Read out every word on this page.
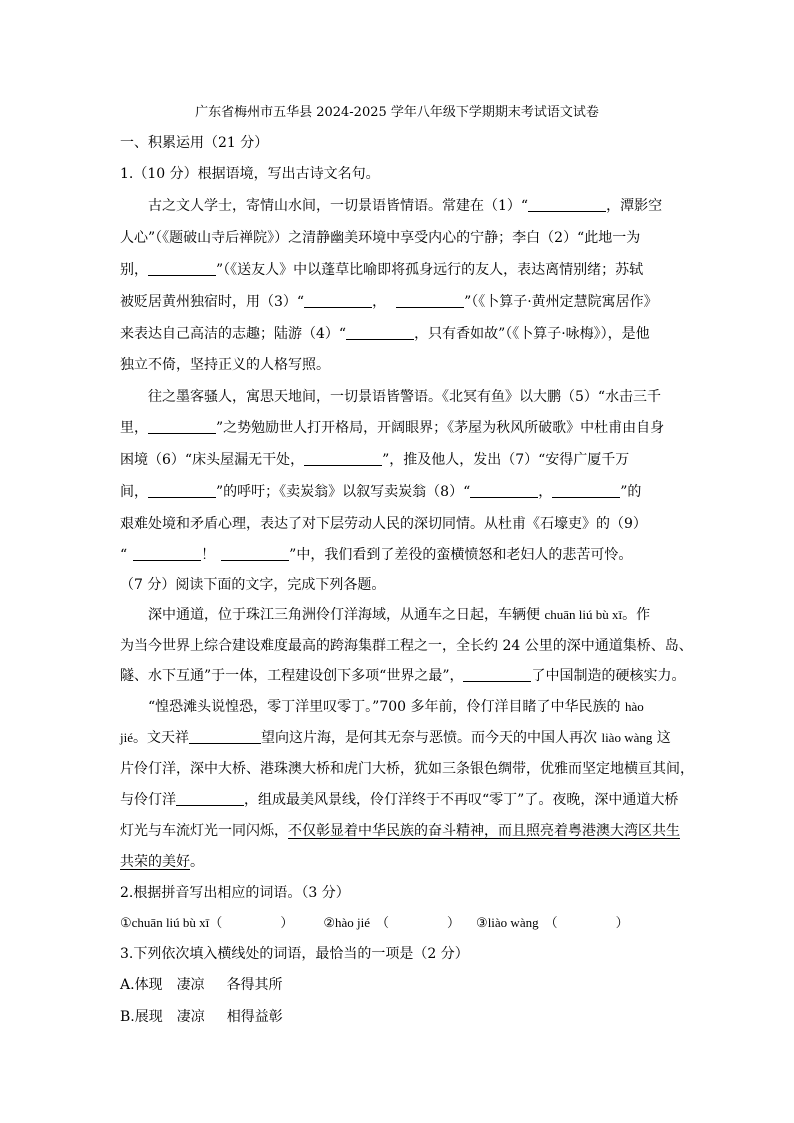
广东省梅州市五华县 2024-2025 学年八年级下学期期末考试语文试卷
一、积累运用（21 分）
1.（10 分）根据语境，写出古诗文名句。
古之文人学士，寄情山水间，一切景语皆情语。常建在（1）“	，潭影空
人心”（《题破山寺后禅院》）之清静幽美环境中享受内心的宁静；李白（2）“此地一为
别，	”（《送友人》中以蓬草比喻即将孤身远行的友人，表达离情别绪；苏轼
被贬居黄州独宿时，用（3）“	，	”（《卜算子·黄州定慧院寓居作》
来表达自己高洁的志趣；陆游（4）“	，只有香如故”（《卜算子·咏梅》），是他
独立不倚，坚持正义的人格写照。
往之墨客骚人，寓思天地间，一切景语皆警语。《北冥有鱼》以大鹏（5）“水击三千
里，	”之势勉励世人打开格局，开阔眼界；《茅屋为秋风所破歌》中杜甫由自身
困境（6）“床头屋漏无干处，	”，推及他人，发出（7）“安得广厦千万
间，	”的呼吁；《卖炭翁》以叙写卖炭翁（8）“	，	”的
艰难处境和矛盾心理，表达了对下层劳动人民的深切同情。从杜甫《石壕吏》的（9）
“	！	”中，我们看到了差役的蛮横愤怒和老妇人的悲苦可怜。
（7 分）阅读下面的文字，完成下列各题。
深中通道，位于珠江三角洲伶仃洋海域，从通车之日起，车辆便 chuān liú bù xī。作
为当今世界上综合建设难度最高的跨海集群工程之一，全长约 24 公里的深中通道集桥、岛、
隧、水下互通”于一体，工程建设创下多项“世界之最”，	了中国制造的硬核实力。
“惶恐滩头说惶恐，零丁洋里叹零丁。”700 多年前，伶仃洋目睹了中华民族的 hào
jié。文天祥	望向这片海，是何其无奈与恶愤。而今天的中国人再次 liào wàng 这
片伶仃洋，深中大桥、港珠澳大桥和虎门大桥，犹如三条银色绸带，优雅而坚定地横亘其间，
与伶仃洋	，组成最美风景线，伶仃洋终于不再叹“零丁”了。夜晚，深中通道大桥
灯光与车流灯光一同闪烁，不仅彰显着中华民族的奋斗精神，而且照亮着粤港澳大湾区共生
共荣的美好。
2.根据拼音写出相应的词语。（3 分）
①chuān liú bù xī（	） ②hào jié （	） ③liào wàng （	）
3.下列依次填入横线处的词语，最恰当的一项是（2 分）
A.体现 凄凉 各得其所
B.展现 凄凉 相得益彰
